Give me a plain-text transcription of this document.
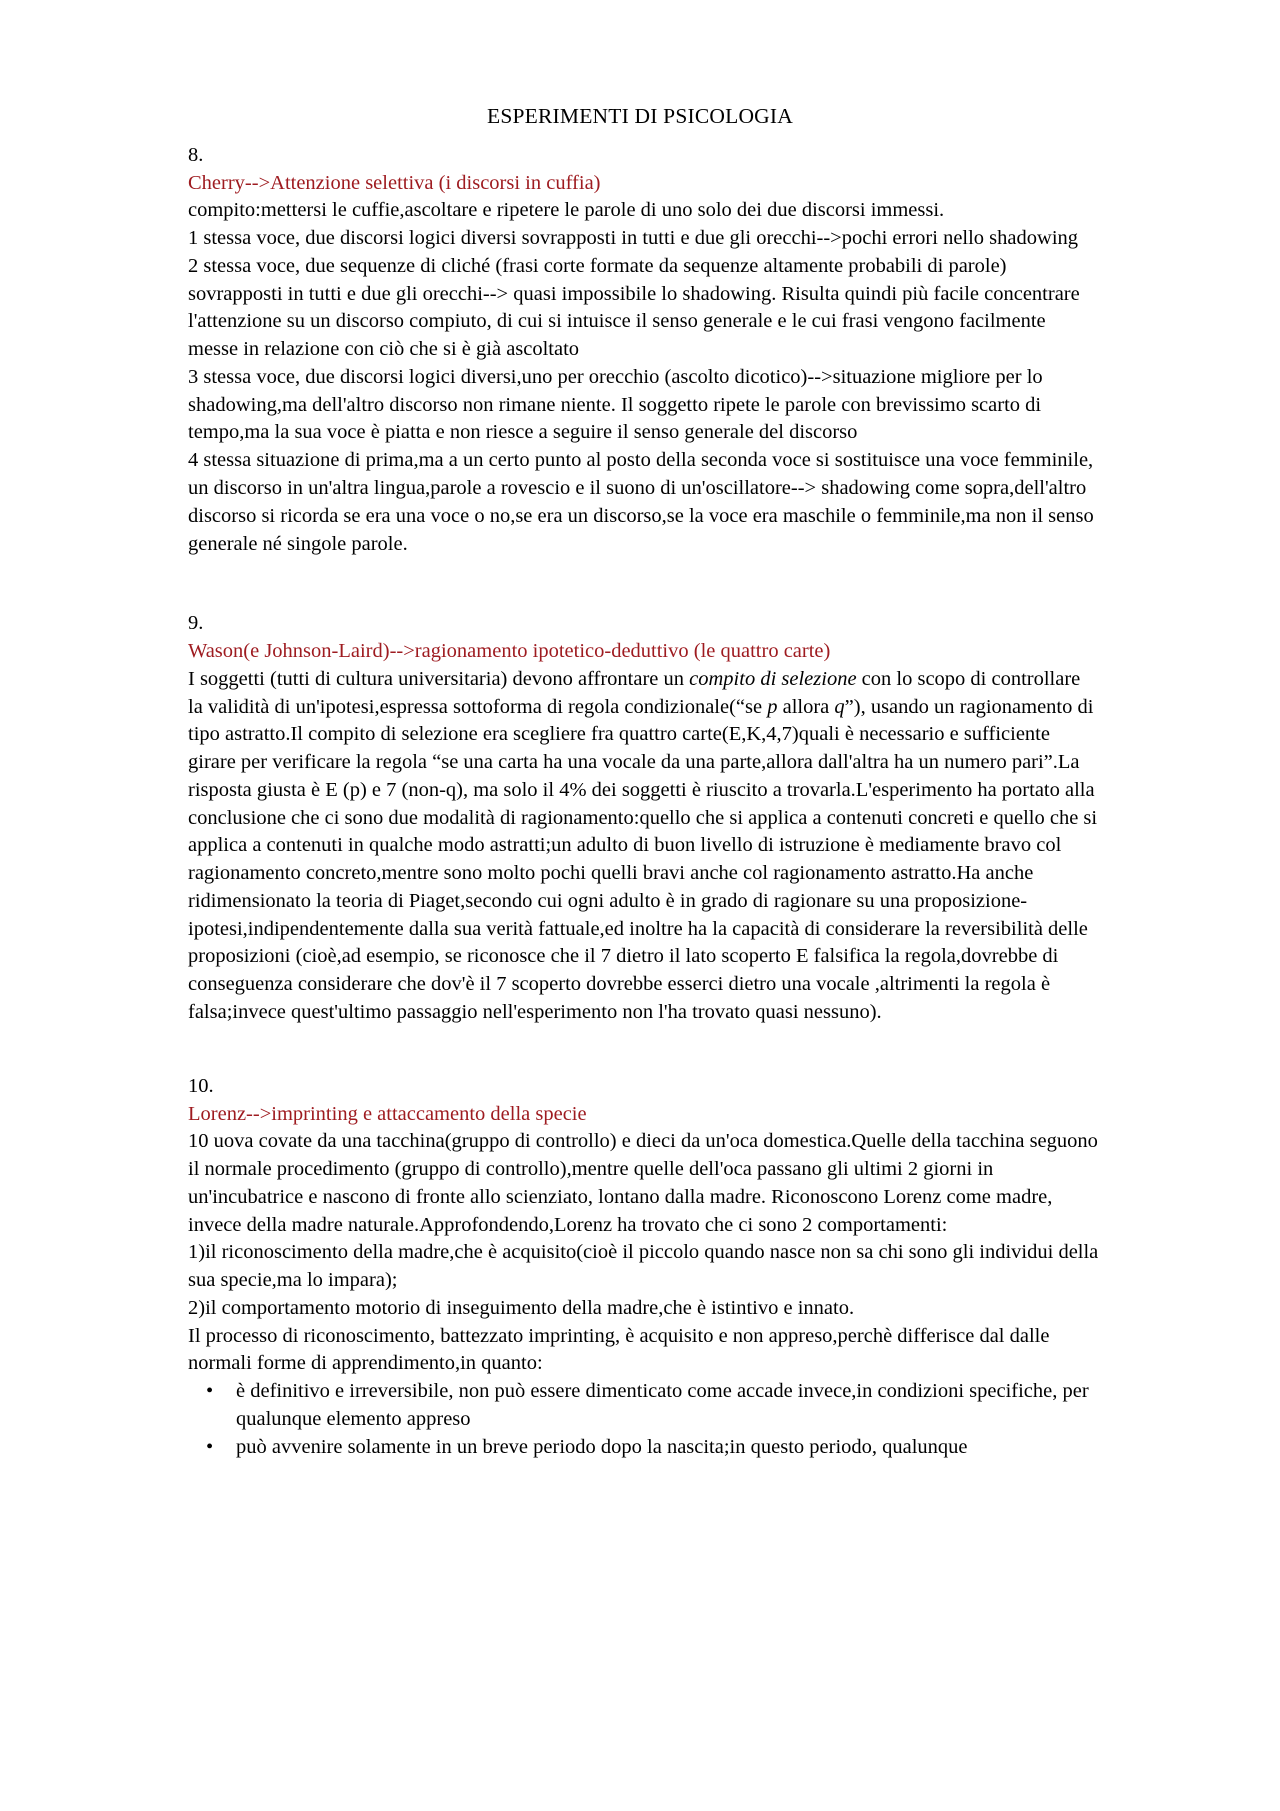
ESPERIMENTI DI PSICOLOGIA
8.
Cherry-->Attenzione selettiva (i discorsi in cuffia)
compito:mettersi le cuffie,ascoltare e ripetere le parole di uno solo dei due discorsi immessi.
1 stessa voce, due discorsi logici diversi sovrapposti in tutti e due gli orecchi-->pochi errori nello shadowing
2 stessa voce, due sequenze di cliché (frasi corte formate da sequenze altamente probabili di parole) sovrapposti in tutti e due gli orecchi--> quasi impossibile lo shadowing. Risulta quindi più facile concentrare l'attenzione su un discorso compiuto, di cui si intuisce il senso generale e le cui frasi vengono facilmente messe in relazione con ciò che si è già ascoltato
3 stessa voce, due discorsi logici diversi,uno per orecchio (ascolto dicotico)-->situazione migliore per lo shadowing,ma dell'altro discorso non rimane niente. Il soggetto ripete le parole con brevissimo scarto di tempo,ma la sua voce è piatta e non riesce a seguire il senso generale del discorso
4 stessa situazione di prima,ma a un certo punto al posto della seconda voce si sostituisce una voce femminile, un discorso in un'altra lingua,parole a rovescio e il suono di un'oscillatore--> shadowing come sopra,dell'altro discorso si ricorda se era una voce o no,se era un discorso,se la voce era maschile o femminile,ma non il senso generale né singole parole.
9.
Wason(e Johnson-Laird)-->ragionamento ipotetico-deduttivo (le quattro carte)
I soggetti (tutti di cultura universitaria) devono affrontare un compito di selezione con lo scopo di controllare la validità di un'ipotesi,espressa sottoforma di regola condizionale(“se p allora q”), usando un ragionamento di tipo astratto.Il compito di selezione era scegliere fra quattro carte(E,K,4,7)quali è necessario e sufficiente girare per verificare la regola “se una carta ha una vocale da una parte,allora dall'altra ha un numero pari”.La risposta giusta è E (p) e 7 (non-q), ma solo il 4% dei soggetti è riuscito a trovarla.L'esperimento ha portato alla conclusione che ci sono due modalità di ragionamento:quello che si applica a contenuti concreti e quello che si applica a contenuti in qualche modo astratti;un adulto di buon livello di istruzione è mediamente bravo col ragionamento concreto,mentre sono molto pochi quelli bravi anche col ragionamento astratto.Ha anche ridimensionato la teoria di Piaget,secondo cui ogni adulto è in grado di ragionare su una proposizione-ipotesi,indipendentemente dalla sua verità fattuale,ed inoltre ha la capacità di considerare la reversibilità delle proposizioni (cioè,ad esempio, se riconosce che il 7 dietro il lato scoperto E falsifica la regola,dovrebbe di conseguenza considerare che dov'è il 7 scoperto dovrebbe esserci dietro una vocale ,altrimenti la regola è falsa;invece quest'ultimo passaggio nell'esperimento non l'ha trovato quasi nessuno).
10.
Lorenz-->imprinting e attaccamento della specie
10 uova covate da una tacchina(gruppo di controllo) e dieci da un'oca domestica.Quelle della tacchina seguono il normale procedimento (gruppo di controllo),mentre quelle dell'oca passano gli ultimi 2 giorni in un'incubatrice e nascono di fronte allo scienziato, lontano dalla madre. Riconoscono Lorenz come madre, invece della madre naturale.Approfondendo,Lorenz ha trovato che ci sono 2 comportamenti:
1)il riconoscimento della madre,che è acquisito(cioè il piccolo quando nasce non sa chi sono gli individui della sua specie,ma lo impara);
2)il comportamento motorio di inseguimento della madre,che è istintivo e innato.
Il processo di riconoscimento, battezzato imprinting, è acquisito e non appreso,perchè differisce dal dalle normali forme di apprendimento,in quanto:
• è definitivo e irreversibile, non può essere dimenticato come accade invece,in condizioni specifiche, per qualunque elemento appreso
• può avvenire solamente in un breve periodo dopo la nascita;in questo periodo, qualunque
